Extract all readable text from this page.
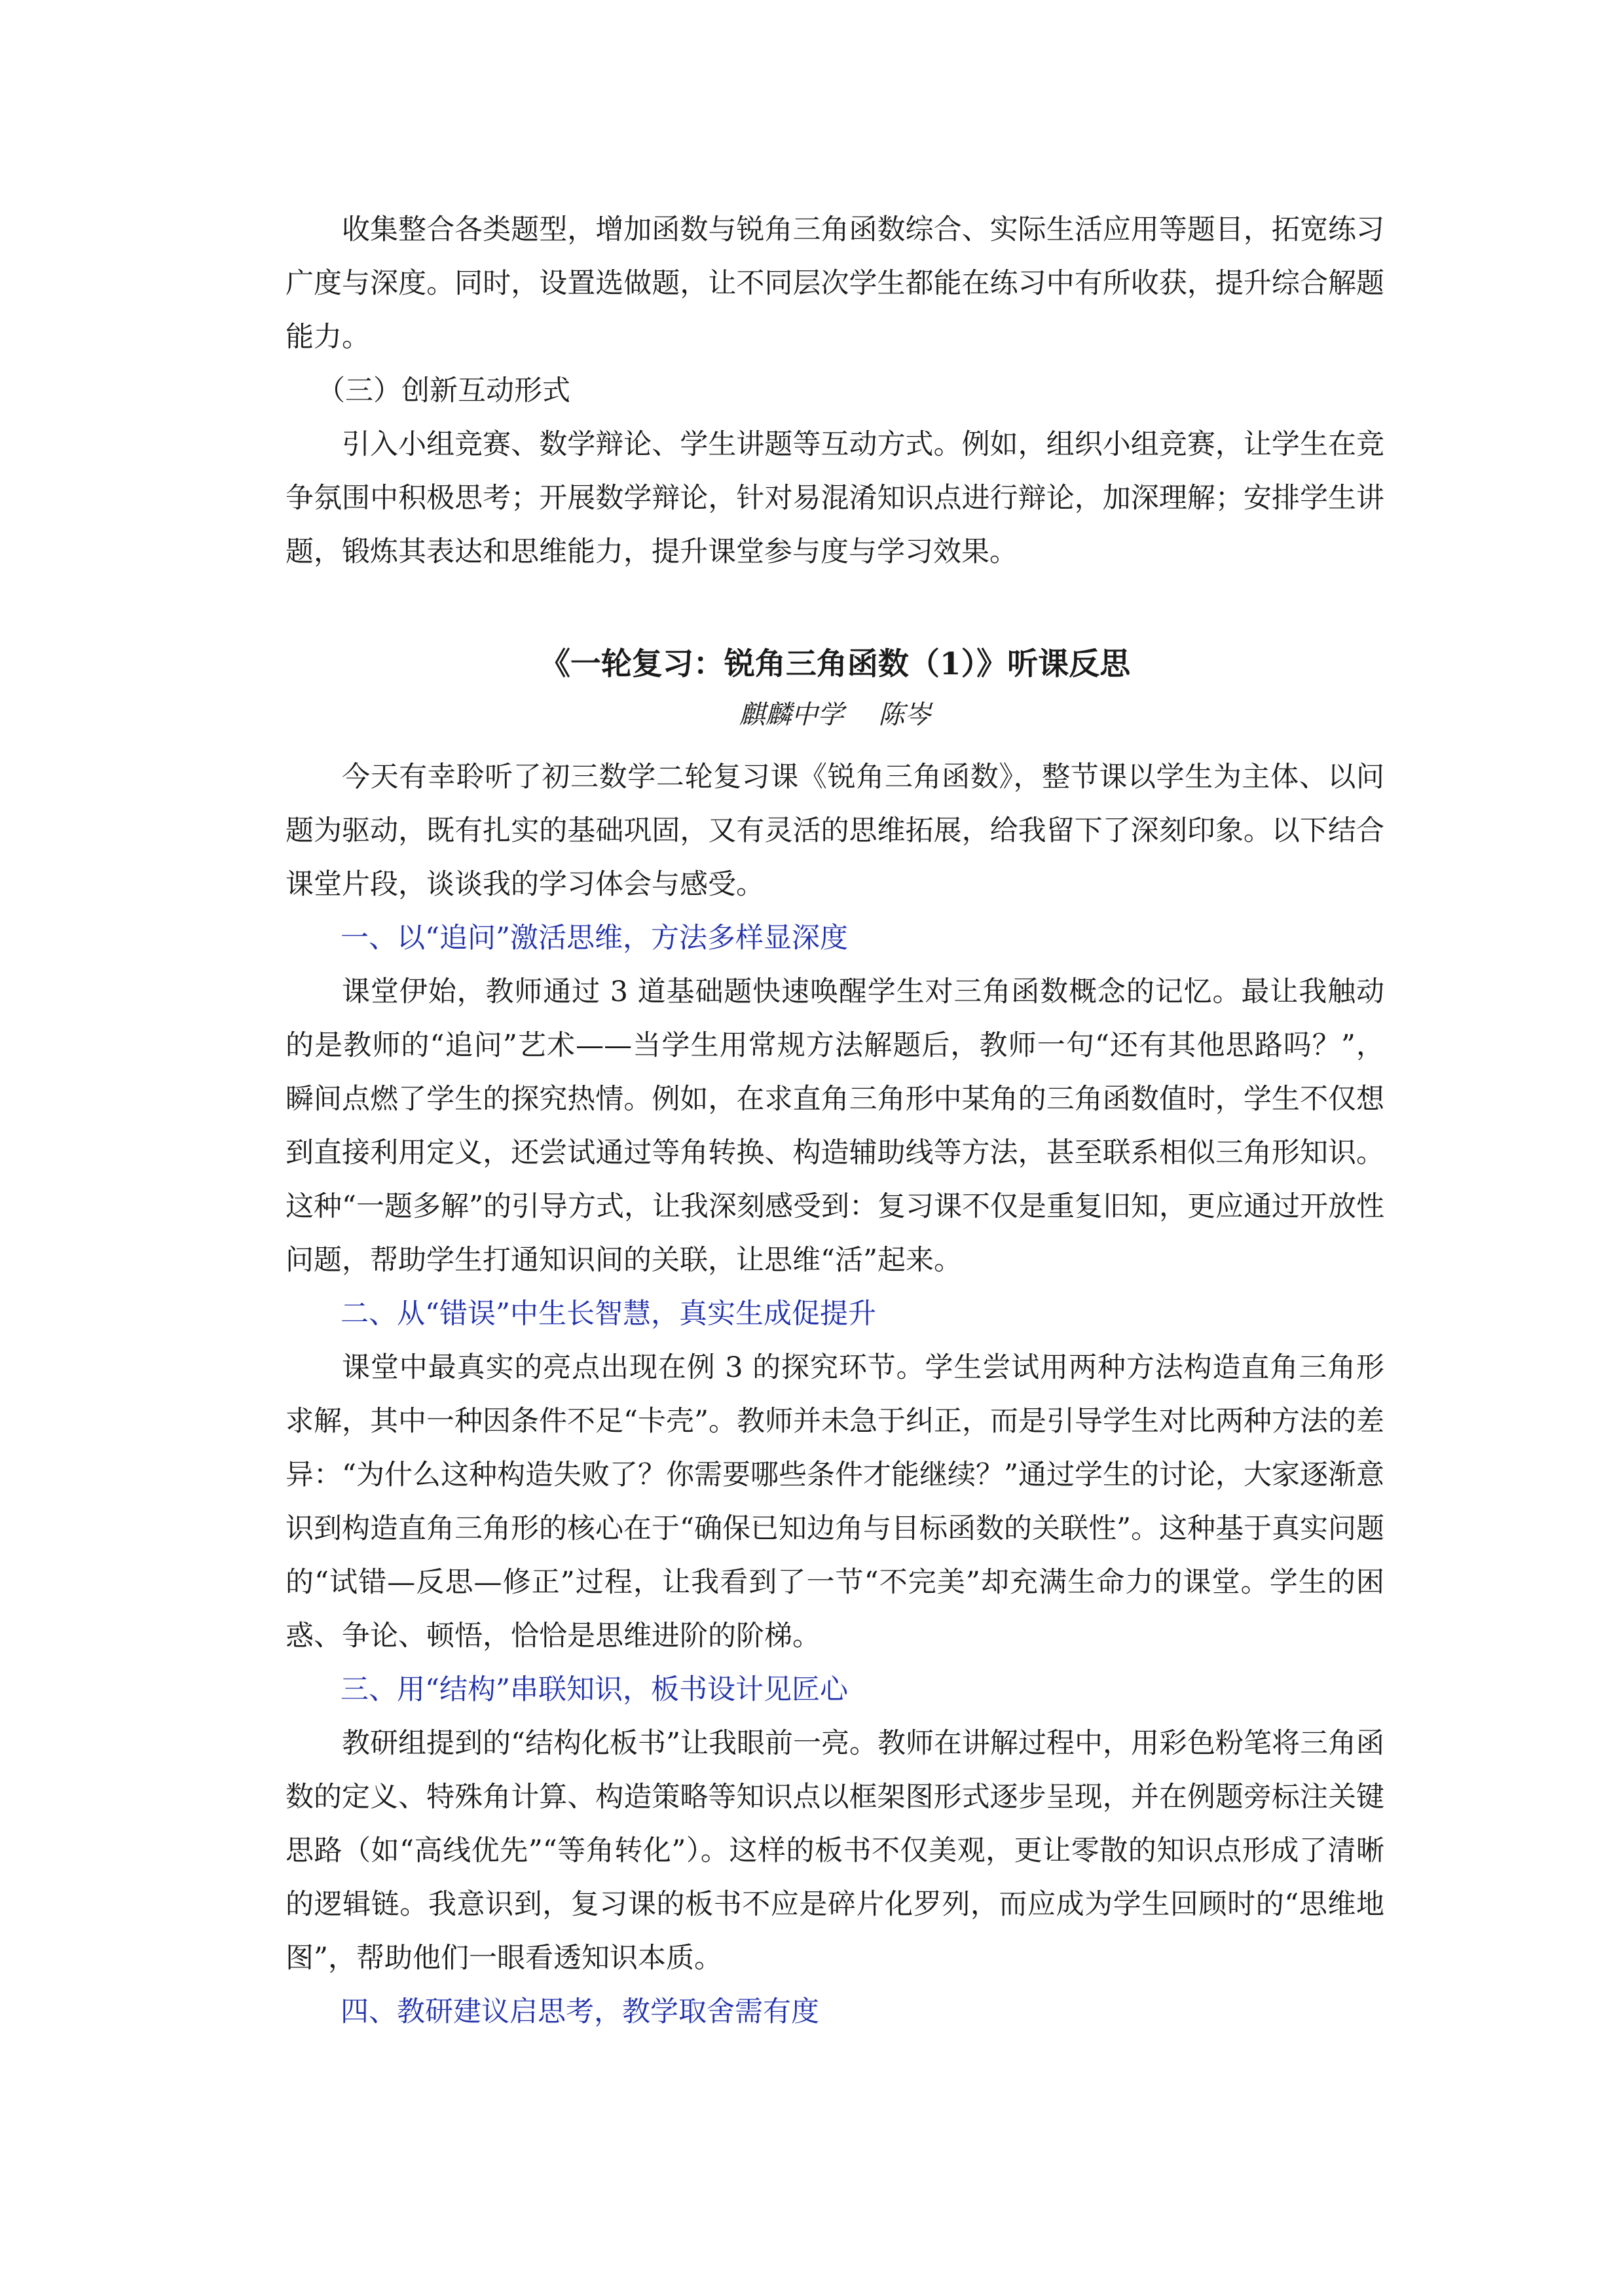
收集整合各类题型，增加函数与锐角三角函数综合、实际生活应用等题目，拓宽练习广度与深度。同时，设置选做题，让不同层次学生都能在练习中有所收获，提升综合解题能力。

（三）创新互动形式

引入小组竞赛、数学辩论、学生讲题等互动方式。例如，组织小组竞赛，让学生在竞争氛围中积极思考；开展数学辩论，针对易混淆知识点进行辩论，加深理解；安排学生讲题，锻炼其表达和思维能力，提升课堂参与度与学习效果。

《一轮复习：锐角三角函数（1）》听课反思

麒麟中学　 陈岑

今天有幸聆听了初三数学二轮复习课《锐角三角函数》，整节课以学生为主体、以问题为驱动，既有扎实的基础巩固，又有灵活的思维拓展，给我留下了深刻印象。以下结合课堂片段，谈谈我的学习体会与感受。

一、以“追问”激活思维，方法多样显深度

课堂伊始，教师通过 3 道基础题快速唤醒学生对三角函数概念的记忆。最让我触动的是教师的“追问”艺术——当学生用常规方法解题后，教师一句“还有其他思路吗？”，瞬间点燃了学生的探究热情。例如，在求直角三角形中某角的三角函数值时，学生不仅想到直接利用定义，还尝试通过等角转换、构造辅助线等方法，甚至联系相似三角形知识。这种“一题多解”的引导方式，让我深刻感受到：复习课不仅是重复旧知，更应通过开放性问题，帮助学生打通知识间的关联，让思维“活”起来。

二、从“错误”中生长智慧，真实生成促提升

课堂中最真实的亮点出现在例 3 的探究环节。学生尝试用两种方法构造直角三角形求解，其中一种因条件不足“卡壳”。教师并未急于纠正，而是引导学生对比两种方法的差异：“为什么这种构造失败了？你需要哪些条件才能继续？”通过学生的讨论，大家逐渐意识到构造直角三角形的核心在于“确保已知边角与目标函数的关联性”。这种基于真实问题的“试错—反思—修正”过程，让我看到了一节“不完美”却充满生命力的课堂。学生的困惑、争论、顿悟，恰恰是思维进阶的阶梯。

三、用“结构”串联知识，板书设计见匠心

教研组提到的“结构化板书”让我眼前一亮。教师在讲解过程中，用彩色粉笔将三角函数的定义、特殊角计算、构造策略等知识点以框架图形式逐步呈现，并在例题旁标注关键思路（如“高线优先”“等角转化”）。这样的板书不仅美观，更让零散的知识点形成了清晰的逻辑链。我意识到，复习课的板书不应是碎片化罗列，而应成为学生回顾时的“思维地图”，帮助他们一眼看透知识本质。

四、教研建议启思考，教学取舍需有度
